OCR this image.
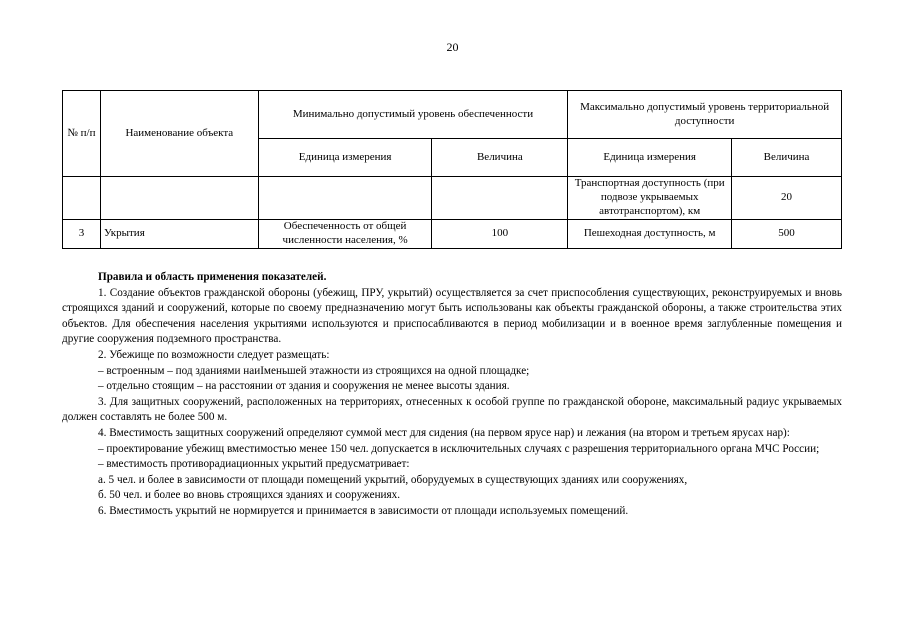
20
№ п/п	Наименование объекта	Минимально допустимый уровень обеспеченности		Максимально допустимый уровень территориальной доступности	
		Единица измерения	Величина	Единица измерения	Величина
				Транспортная доступность (при подвозе укрываемых автотранспортом), км	20
3	Укрытия	Обеспеченность от общей численности населения, %	100	Пешеходная доступность, м	500

Правила и область применения показателей.

1. Создание объектов гражданской обороны (убежищ, ПРУ, укрытий) осуществляется за счет приспособления существующих, реконструируемых и вновь строящихся зданий и сооружений, которые по своему предназначению могут быть использованы как объекты гражданской обороны, а также строительства этих объектов. Для обеспечения населения укрытиями используются и приспосабливаются в период мобилизации и в военное время заглубленные помещения и другие сооружения подземного пространства.

2. Убежище по возможности следует размещать:

– встроенным – под зданиями наиIменьшей этажности из строящихся на одной площадке;

– отдельно стоящим – на расстоянии от здания и сооружения не менее высоты здания.

3. Для защитных сооружений, расположенных на территориях, отнесенных к особой группе по гражданской обороне, максимальный радиус укрываемых должен составлять не более 500 м.

4. Вместимость защитных сооружений определяют суммой мест для сидения (на первом ярусе нар) и лежания (на втором и третьем ярусах нар):

– проектирование убежищ вместимостью менее 150 чел. допускается в исключительных случаях с разрешения территориального органа МЧС России;

– вместимость противорадиационных укрытий предусматривает:

а. 5 чел. и более в зависимости от площади помещений укрытий, оборудуемых в существующих зданиях или сооружениях,

б. 50 чел. и более во вновь строящихся зданиях и сооружениях.

6. Вместимость укрытий не нормируется и принимается в зависимости от площади используемых помещений.
